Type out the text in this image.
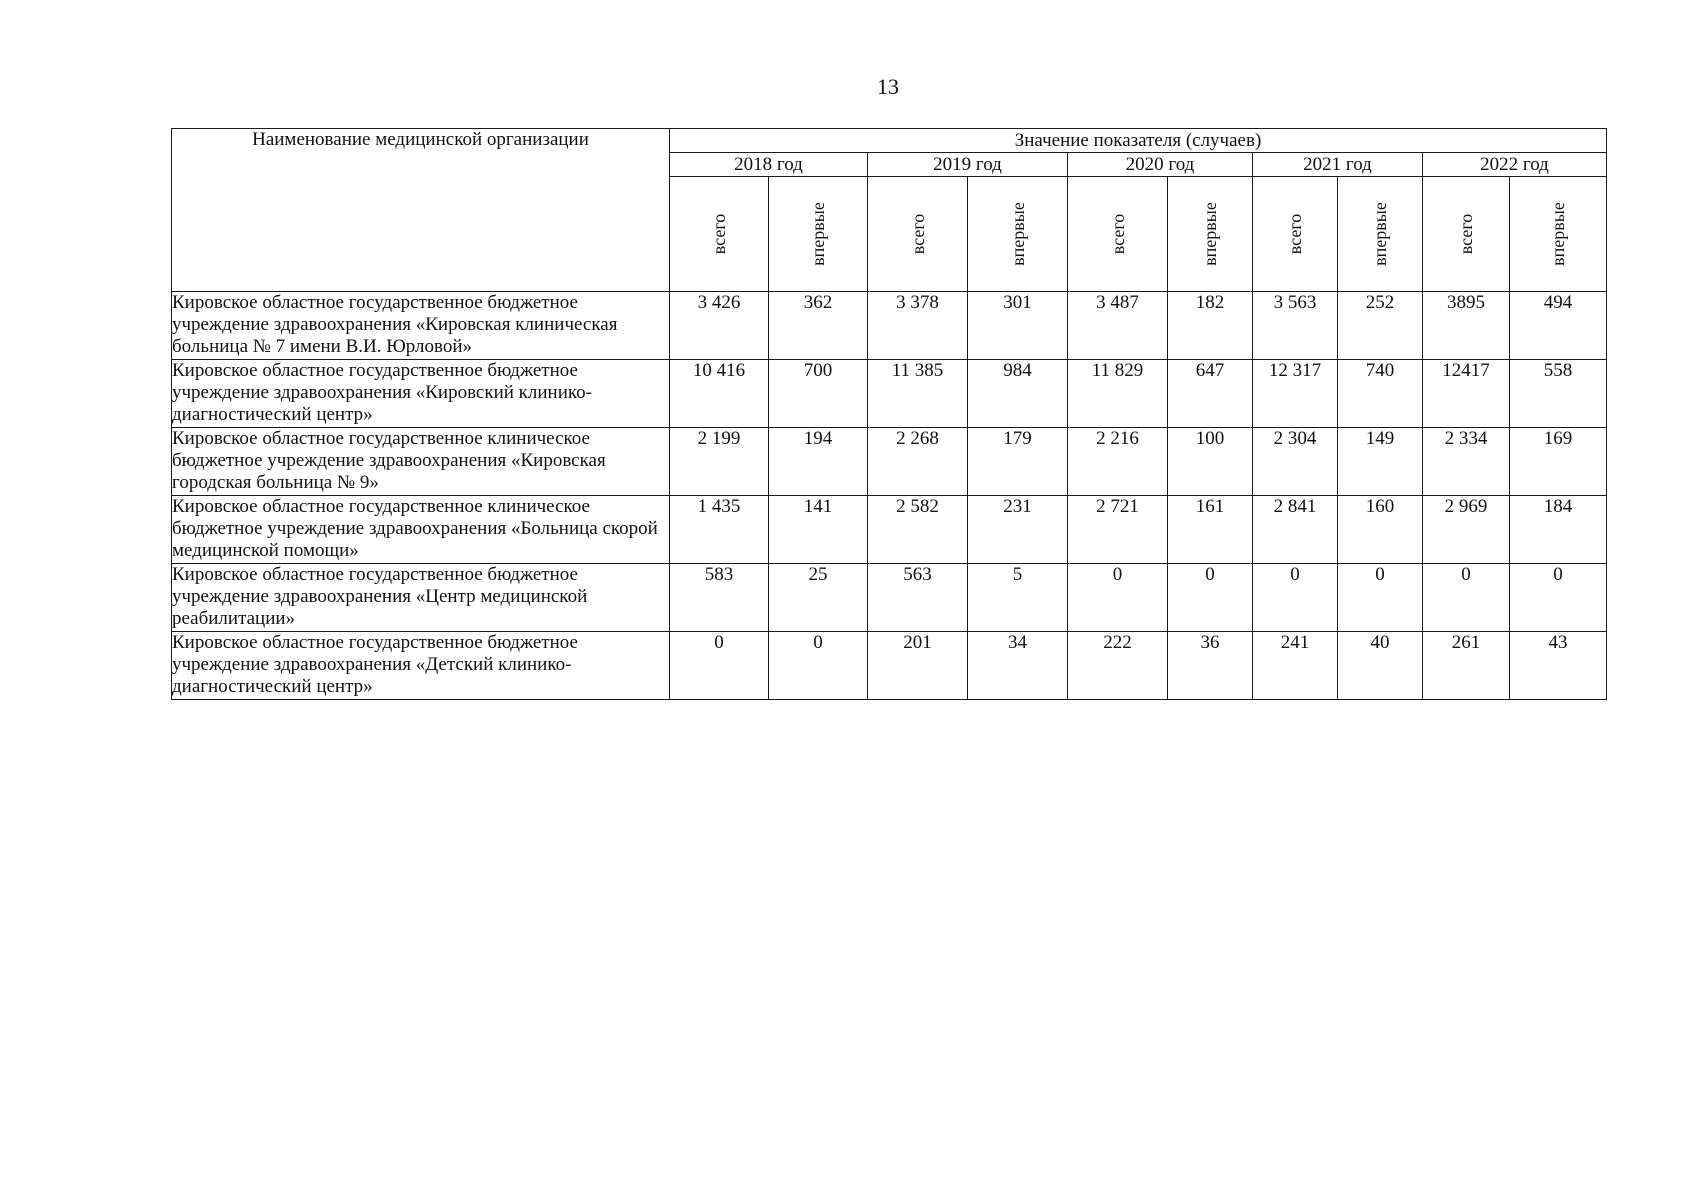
13
Наименование медицинской организации	Значение показателя (случаев)									
	2018 год		2019 год		2020 год		2021 год		2022 год	

	всего	впервые	всего	впервые	всего	впервые	всего	впервые	всего	впервые

Кировское областное государственное бюджетное учреждение здравоохранения «Кировская клиническая больница № 7 имени В.И. Юрловой»	3 426	362	3 378	301	3 487	182	3 563	252	3895	494
Кировское областное государственное бюджетное учреждение здравоохранения «Кировский клинико-диагностический центр»	10 416	700	11 385	984	11 829	647	12 317	740	12417	558
Кировское областное государственное клиническое бюджетное учреждение здравоохранения «Кировская городская больница № 9»	2 199	194	2 268	179	2 216	100	2 304	149	2 334	169
Кировское областное государственное клиническое бюджетное учреждение здравоохранения «Больница скорой медицинской помощи»	1 435	141	2 582	231	2 721	161	2 841	160	2 969	184
Кировское областное государственное бюджетное учреждение здравоохранения «Центр медицинской реабилитации»	583	25	563	5	0	0	0	0	0	0
Кировское областное государственное бюджетное учреждение здравоохранения «Детский клинико-диагностический центр»	0	0	201	34	222	36	241	40	261	43
